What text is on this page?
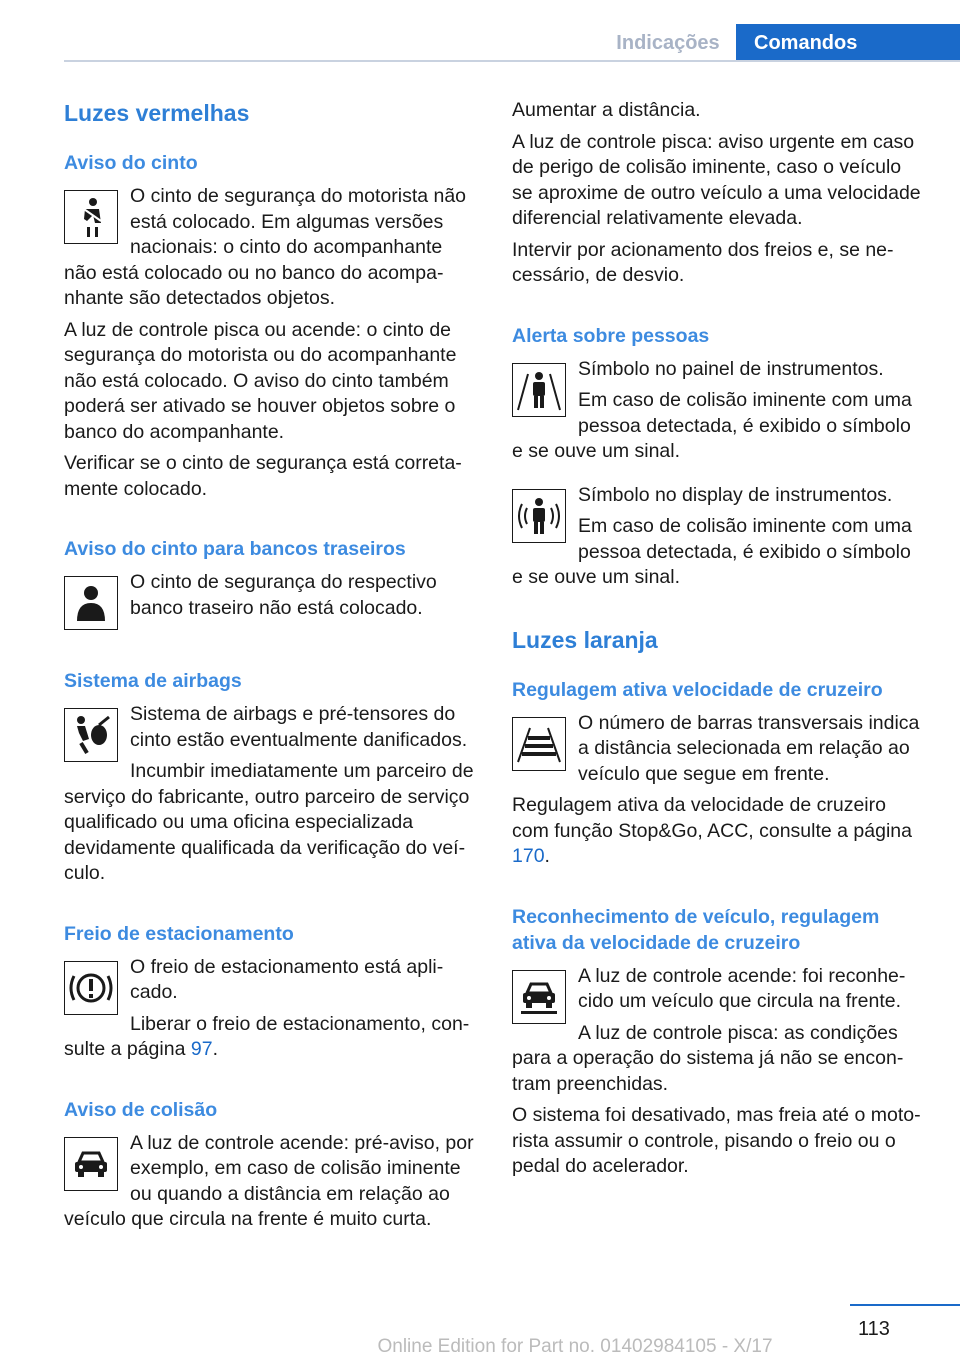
Indicações	Comandos
Luzes vermelhas
Aviso do cinto

O cinto de segurança do motorista não está colocado. Em algumas versões nacionais: o cinto do acompanhante não está colocado ou no banco do acompanhante são detectados objetos.

A luz de controle pisca ou acende: o cinto de segurança do motorista ou do acompanhante não está colocado. O aviso do cinto também poderá ser ativado se houver objetos sobre o banco do acompanhante.

Verificar se o cinto de segurança está corretamente colocado.

Aviso do cinto para bancos traseiros

O cinto de segurança do respectivo banco traseiro não está colocado.

Sistema de airbags

Sistema de airbags e pré-tensores do cinto estão eventualmente danificados.

Incumbir imediatamente um parceiro de serviço do fabricante, outro parceiro de serviço qualificado ou uma oficina especializada devidamente qualificada da verificação do veículo.

Freio de estacionamento

O freio de estacionamento está aplicado.

Liberar o freio de estacionamento, consulte a página 97.

Aviso de colisão

A luz de controle acende: pré-aviso, por exemplo, em caso de colisão iminente ou quando a distância em relação ao veículo que circula na frente é muito curta.

Aumentar a distância.

A luz de controle pisca: aviso urgente em caso de perigo de colisão iminente, caso o veículo se aproxime de outro veículo a uma velocidade diferencial relativamente elevada.

Intervir por acionamento dos freios e, se necessário, de desvio.

Alerta sobre pessoas

Símbolo no painel de instrumentos.

Em caso de colisão iminente com uma pessoa detectada, é exibido o símbolo e se ouve um sinal.

Símbolo no display de instrumentos.

Em caso de colisão iminente com uma pessoa detectada, é exibido o símbolo e se ouve um sinal.

Luzes laranja
Regulagem ativa velocidade de cruzeiro

O número de barras transversais indica a distância selecionada em relação ao veículo que segue em frente.

Regulagem ativa da velocidade de cruzeiro com função Stop&Go, ACC, consulte a página 170.

Reconhecimento de veículo, regulagem ativa da velocidade de cruzeiro

A luz de controle acende: foi reconhecido um veículo que circula na frente.

A luz de controle pisca: as condições para a operação do sistema já não se encontram preenchidas.

O sistema foi desativado, mas freia até o motorista assumir o controle, pisando o freio ou o pedal do acelerador.

113
Online Edition for Part no. 01402984105 - X/17
